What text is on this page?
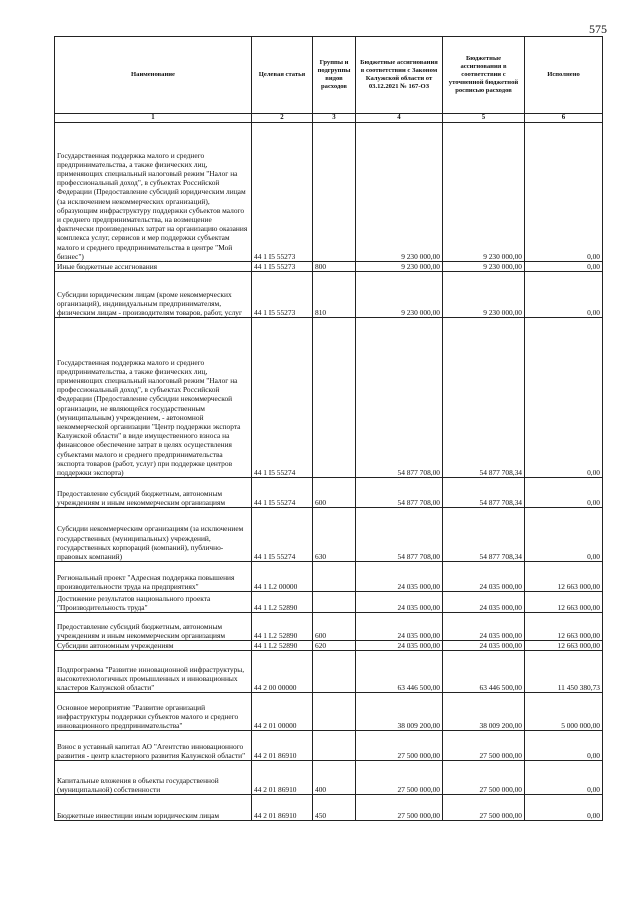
575
Наименование	Целевая статья	Группы и подгруппы видов расходов	Бюджетные ассигнования в соответствии с Законом Калужской области от 03.12.2021 № 167-ОЗ	Бюджетные ассигнования в соответствии с уточненной бюджетной росписью расходов	Исполнено
1	2	3	4	5	6
Государственная поддержка малого и среднего предпринимательства, а также физических лиц, применяющих специальный налоговый режим "Налог на профессиональный доход", в субъектах Российской Федерации (Предоставление субсидий юридическим лицам (за исключением некоммерческих организаций), образующим инфраструктуру поддержки субъектов малого и среднего предпринимательства, на возмещение фактически произведенных затрат на организацию оказания комплекса услуг, сервисов и мер поддержки субъектам малого и среднего предпринимательства в центре "Мой бизнес")	44 1 I5 55273		9 230 000,00	9 230 000,00	0,00
Иные бюджетные ассигнования	44 1 I5 55273	800	9 230 000,00	9 230 000,00	0,00
Субсидии юридическим лицам (кроме некоммерческих организаций), индивидуальным предпринимателям, физическим лицам - производителям товаров, работ, услуг	44 1 I5 55273	810	9 230 000,00	9 230 000,00	0,00
Государственная поддержка малого и среднего предпринимательства, а также физических лиц, применяющих специальный налоговый режим "Налог на профессиональный доход", в субъектах Российской Федерации (Предоставление субсидии некоммерческой организации, не являющейся государственным (муниципальным) учреждением, - автономной некоммерческой организации "Центр поддержки экспорта Калужской области" в виде имущественного взноса на финансовое обеспечение затрат в целях осуществления субъектами малого и среднего предпринимательства экспорта товаров (работ, услуг) при поддержке центров поддержки экспорта)	44 1 I5 55274		54 877 708,00	54 877 708,34	0,00
Предоставление субсидий бюджетным, автономным учреждениям и иным некоммерческим организациям	44 1 I5 55274	600	54 877 708,00	54 877 708,34	0,00
Субсидии некоммерческим организациям (за исключением государственных (муниципальных) учреждений, государственных корпораций (компаний), публично-правовых компаний)	44 1 I5 55274	630	54 877 708,00	54 877 708,34	0,00
Региональный проект "Адресная поддержка повышения производительности труда на предприятиях"	44 1 L2 00000		24 035 000,00	24 035 000,00	12 663 000,00
Достижение результатов национального проекта "Производительность труда"	44 1 L2 52890		24 035 000,00	24 035 000,00	12 663 000,00
Предоставление субсидий бюджетным, автономным учреждениям и иным некоммерческим организациям	44 1 L2 52890	600	24 035 000,00	24 035 000,00	12 663 000,00
Субсидии автономным учреждениям	44 1 L2 52890	620	24 035 000,00	24 035 000,00	12 663 000,00
Подпрограмма "Развитие инновационной инфраструктуры, высокотехнологичных промышленных и инновационных кластеров Калужской области"	44 2 00 00000		63 446 500,00	63 446 500,00	11 450 380,73
Основное мероприятие "Развитие организаций инфраструктуры поддержки субъектов малого и среднего инновационного предпринимательства"	44 2 01 00000		38 009 200,00	38 009 200,00	5 000 000,00
Взнос в уставный капитал АО "Агентство инновационного развития - центр кластерного развития Калужской области"	44 2 01 86910		27 500 000,00	27 500 000,00	0,00
Капитальные вложения в объекты государственной (муниципальной) собственности	44 2 01 86910	400	27 500 000,00	27 500 000,00	0,00
Бюджетные инвестиции иным юридическим лицам	44 2 01 86910	450	27 500 000,00	27 500 000,00	0,00
